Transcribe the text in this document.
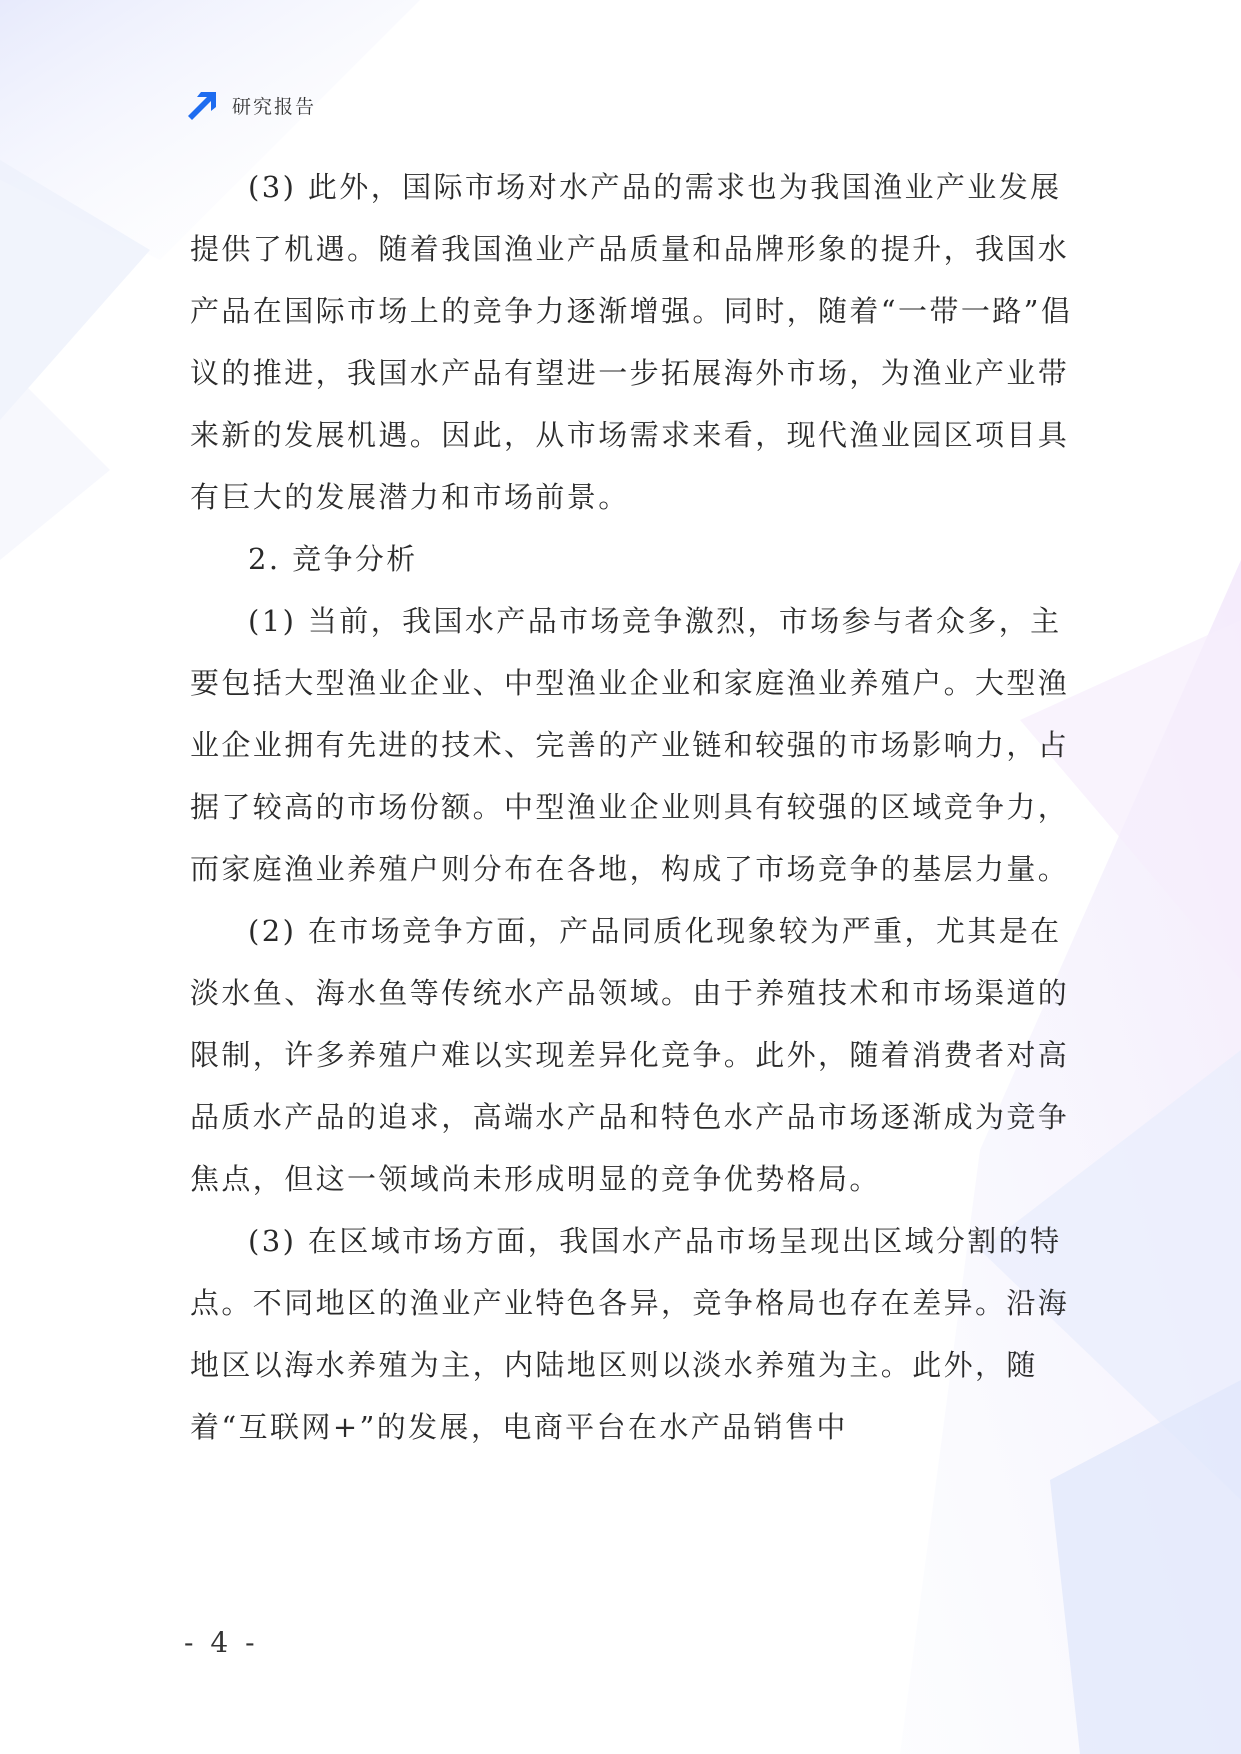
研究报告

(3) 此外，国际市场对水产品的需求也为我国渔业产业发展提供了机遇。随着我国渔业产品质量和品牌形象的提升，我国水产品在国际市场上的竞争力逐渐增强。同时，随着“一带一路”倡议的推进，我国水产品有望进一步拓展海外市场，为渔业产业带来新的发展机遇。因此，从市场需求来看，现代渔业园区项目具有巨大的发展潜力和市场前景。

2. 竞争分析

(1) 当前，我国水产品市场竞争激烈，市场参与者众多，主要包括大型渔业企业、中型渔业企业和家庭渔业养殖户。大型渔业企业拥有先进的技术、完善的产业链和较强的市场影响力，占据了较高的市场份额。中型渔业企业则具有较强的区域竞争力，而家庭渔业养殖户则分布在各地，构成了市场竞争的基层力量。

(2) 在市场竞争方面，产品同质化现象较为严重，尤其是在淡水鱼、海水鱼等传统水产品领域。由于养殖技术和市场渠道的限制，许多养殖户难以实现差异化竞争。此外，随着消费者对高品质水产品的追求，高端水产品和特色水产品市场逐渐成为竞争焦点，但这一领域尚未形成明显的竞争优势格局。

(3) 在区域市场方面，我国水产品市场呈现出区域分割的特点。不同地区的渔业产业特色各异，竞争格局也存在差异。沿海地区以海水养殖为主，内陆地区则以淡水养殖为主。此外，随着“互联网+”的发展，电商平台在水产品销售中

- 4 -
